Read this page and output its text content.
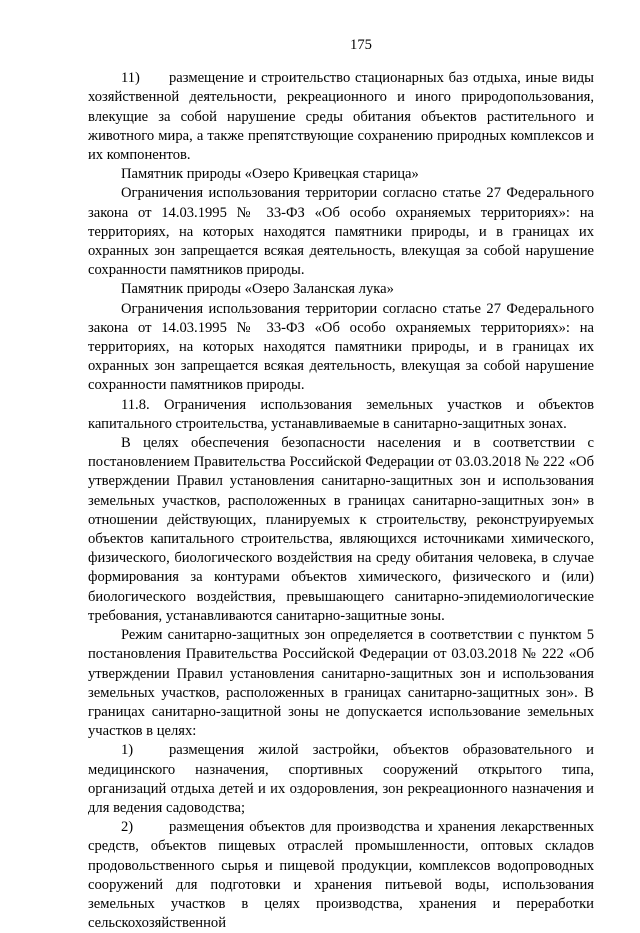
175

11) размещение и строительство стационарных баз отдыха, иные виды хозяйственной деятельности, рекреационного и иного природопользования, влекущие за собой нарушение среды обитания объектов растительного и животного мира, а также препятствующие сохранению природных комплексов и их компонентов.

Памятник природы «Озеро Кривецкая старица»

Ограничения использования территории согласно статье 27 Федерального закона от 14.03.1995 № 33-ФЗ «Об особо охраняемых территориях»: на территориях, на которых находятся памятники природы, и в границах их охранных зон запрещается всякая деятельность, влекущая за собой нарушение сохранности памятников природы.

Памятник природы «Озеро Заланская лука»

Ограничения использования территории согласно статье 27 Федерального закона от 14.03.1995 № 33-ФЗ «Об особо охраняемых территориях»: на территориях, на которых находятся памятники природы, и в границах их охранных зон запрещается всякая деятельность, влекущая за собой нарушение сохранности памятников природы.

11.8. Ограничения использования земельных участков и объектов капитального строительства, устанавливаемые в санитарно-защитных зонах.

В целях обеспечения безопасности населения и в соответствии с постановлением Правительства Российской Федерации от 03.03.2018 № 222 «Об утверждении Правил установления санитарно-защитных зон и использования земельных участков, расположенных в границах санитарно-защитных зон» в отношении действующих, планируемых к строительству, реконструируемых объектов капитального строительства, являющихся источниками химического, физического, биологического воздействия на среду обитания человека, в случае формирования за контурами объектов химического, физического и (или) биологического воздействия, превышающего санитарно-эпидемиологические требования, устанавливаются санитарно-защитные зоны.

Режим санитарно-защитных зон определяется в соответствии с пунктом 5 постановления Правительства Российской Федерации от 03.03.2018 № 222 «Об утверждении Правил установления санитарно-защитных зон и использования земельных участков, расположенных в границах санитарно-защитных зон». В границах санитарно-защитной зоны не допускается использование земельных участков в целях:

1) размещения жилой застройки, объектов образовательного и медицинского назначения, спортивных сооружений открытого типа, организаций отдыха детей и их оздоровления, зон рекреационного назначения и для ведения садоводства;

2) размещения объектов для производства и хранения лекарственных средств, объектов пищевых отраслей промышленности, оптовых складов продовольственного сырья и пищевой продукции, комплексов водопроводных сооружений для подготовки и хранения питьевой воды, использования земельных участков в целях производства, хранения и переработки сельскохозяйственной
